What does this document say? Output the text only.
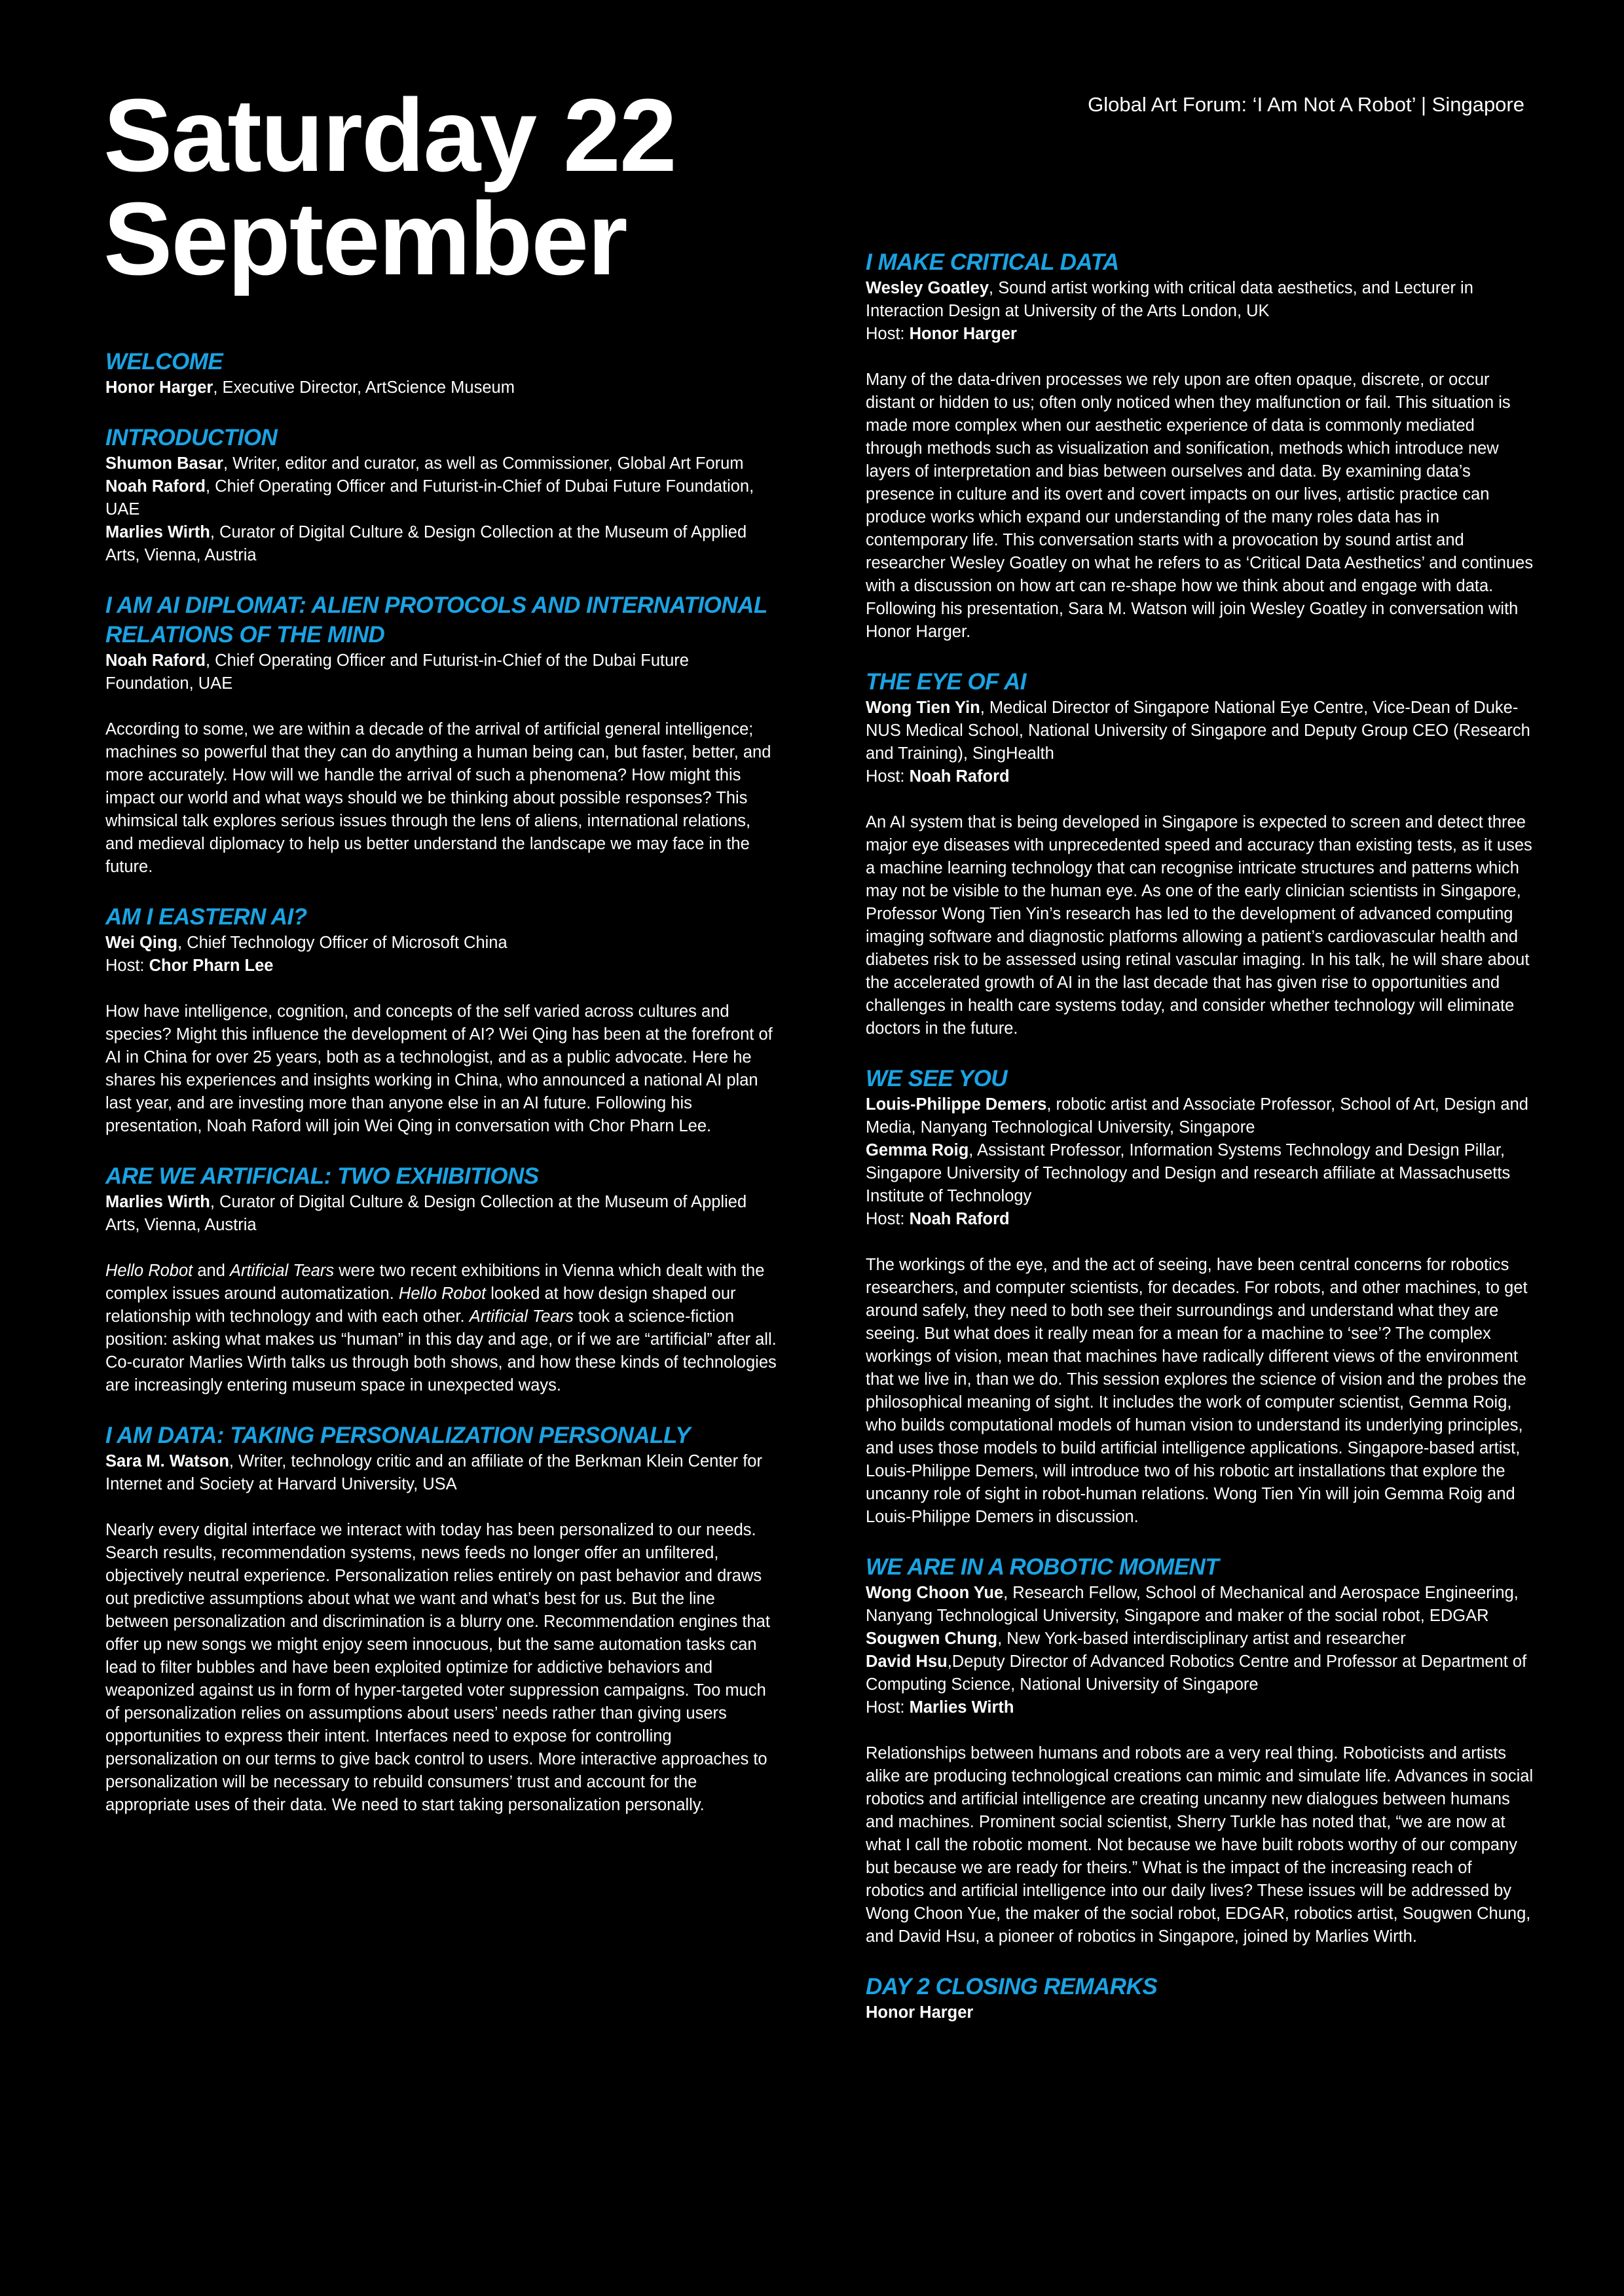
Saturday 22
September
Global Art Forum: ‘I Am Not A Robot’ | Singapore
WELCOME
Honor Harger, Executive Director, ArtScience Museum
INTRODUCTION
Shumon Basar, Writer, editor and curator, as well as Commissioner, Global Art Forum
Noah Raford, Chief Operating Officer and Futurist-in-Chief of Dubai Future Foundation, UAE
Marlies Wirth, Curator of Digital Culture & Design Collection at the Museum of Applied Arts, Vienna, Austria
I AM AI DIPLOMAT: ALIEN PROTOCOLS AND INTERNATIONAL RELATIONS OF THE MIND
Noah Raford, Chief Operating Officer and Futurist-in-Chief of the Dubai Future Foundation, UAE
According to some, we are within a decade of the arrival of artificial general intelligence; machines so powerful that they can do anything a human being can, but faster, better, and more accurately. How will we handle the arrival of such a phenomena? How might this impact our world and what ways should we be thinking about possible responses? This whimsical talk explores serious issues through the lens of aliens, international relations, and medieval diplomacy to help us better understand the landscape we may face in the future.
AM I EASTERN AI?
Wei Qing, Chief Technology Officer of Microsoft China
Host: Chor Pharn Lee
How have intelligence, cognition, and concepts of the self varied across cultures and species? Might this influence the development of AI? Wei Qing has been at the forefront of AI in China for over 25 years, both as a technologist, and as a public advocate. Here he shares his experiences and insights working in China, who announced a national AI plan last year, and are investing more than anyone else in an AI future. Following his presentation, Noah Raford will join Wei Qing in conversation with Chor Pharn Lee.
ARE WE ARTIFICIAL: TWO EXHIBITIONS
Marlies Wirth, Curator of Digital Culture & Design Collection at the Museum of Applied Arts, Vienna, Austria
Hello Robot and Artificial Tears were two recent exhibitions in Vienna which dealt with the complex issues around automatization. Hello Robot looked at how design shaped our relationship with technology and with each other. Artificial Tears took a science-fiction position: asking what makes us “human” in this day and age, or if we are “artificial” after all. Co-curator Marlies Wirth talks us through both shows, and how these kinds of technologies are increasingly entering museum space in unexpected ways.
I AM DATA: TAKING PERSONALIZATION PERSONALLY
Sara M. Watson, Writer, technology critic and an affiliate of the Berkman Klein Center for Internet and Society at Harvard University, USA
Nearly every digital interface we interact with today has been personalized to our needs. Search results, recommendation systems, news feeds no longer offer an unfiltered, objectively neutral experience. Personalization relies entirely on past behavior and draws out predictive assumptions about what we want and what’s best for us. But the line between personalization and discrimination is a blurry one. Recommendation engines that offer up new songs we might enjoy seem innocuous, but the same automation tasks can lead to filter bubbles and have been exploited optimize for addictive behaviors and weaponized against us in form of hyper-targeted voter suppression campaigns. Too much of personalization relies on assumptions about users’ needs rather than giving users opportunities to express their intent. Interfaces need to expose for controlling personalization on our terms to give back control to users. More interactive approaches to personalization will be necessary to rebuild consumers’ trust and account for the appropriate uses of their data. We need to start taking personalization personally.
I MAKE CRITICAL DATA
Wesley Goatley, Sound artist working with critical data aesthetics, and Lecturer in Interaction Design at University of the Arts London, UK
Host: Honor Harger
Many of the data-driven processes we rely upon are often opaque, discrete, or occur distant or hidden to us; often only noticed when they malfunction or fail. This situation is made more complex when our aesthetic experience of data is commonly mediated through methods such as visualization and sonification, methods which introduce new layers of interpretation and bias between ourselves and data. By examining data’s presence in culture and its overt and covert impacts on our lives, artistic practice can produce works which expand our understanding of the many roles data has in contemporary life. This conversation starts with a provocation by sound artist and researcher Wesley Goatley on what he refers to as ‘Critical Data Aesthetics’ and continues with a discussion on how art can re-shape how we think about and engage with data. Following his presentation, Sara M. Watson will join Wesley Goatley in conversation with Honor Harger.
THE EYE OF AI
Wong Tien Yin, Medical Director of Singapore National Eye Centre, Vice-Dean of Duke-NUS Medical School, National University of Singapore and Deputy Group CEO (Research and Training), SingHealth
Host: Noah Raford
An AI system that is being developed in Singapore is expected to screen and detect three major eye diseases with unprecedented speed and accuracy than existing tests, as it uses a machine learning technology that can recognise intricate structures and patterns which may not be visible to the human eye. As one of the early clinician scientists in Singapore, Professor Wong Tien Yin’s research has led to the development of advanced computing imaging software and diagnostic platforms allowing a patient’s cardiovascular health and diabetes risk to be assessed using retinal vascular imaging. In his talk, he will share about the accelerated growth of AI in the last decade that has given rise to opportunities and challenges in health care systems today, and consider whether technology will eliminate doctors in the future.
WE SEE YOU
Louis-Philippe Demers, robotic artist and Associate Professor, School of Art, Design and Media, Nanyang Technological University, Singapore
Gemma Roig, Assistant Professor, Information Systems Technology and Design Pillar, Singapore University of Technology and Design and research affiliate at Massachusetts Institute of Technology
Host: Noah Raford
The workings of the eye, and the act of seeing, have been central concerns for robotics researchers, and computer scientists, for decades. For robots, and other machines, to get around safely, they need to both see their surroundings and understand what they are seeing. But what does it really mean for a mean for a machine to ‘see’? The complex workings of vision, mean that machines have radically different views of the environment that we live in, than we do. This session explores the science of vision and the probes the philosophical meaning of sight. It includes the work of computer scientist, Gemma Roig, who builds computational models of human vision to understand its underlying principles, and uses those models to build artificial intelligence applications. Singapore-based artist, Louis-Philippe Demers, will introduce two of his robotic art installations that explore the uncanny role of sight in robot-human relations. Wong Tien Yin will join Gemma Roig and Louis-Philippe Demers in discussion.
WE ARE IN A ROBOTIC MOMENT
Wong Choon Yue, Research Fellow, School of Mechanical and Aerospace Engineering, Nanyang Technological University, Singapore and maker of the social robot, EDGAR
Sougwen Chung, New York-based interdisciplinary artist and researcher
David Hsu,Deputy Director of Advanced Robotics Centre and Professor at Department of Computing Science, National University of Singapore
Host: Marlies Wirth
Relationships between humans and robots are a very real thing. Roboticists and artists alike are producing technological creations can mimic and simulate life. Advances in social robotics and artificial intelligence are creating uncanny new dialogues between humans and machines. Prominent social scientist, Sherry Turkle has noted that, “we are now at what I call the robotic moment. Not because we have built robots worthy of our company but because we are ready for theirs.” What is the impact of the increasing reach of robotics and artificial intelligence into our daily lives? These issues will be addressed by Wong Choon Yue, the maker of the social robot, EDGAR, robotics artist, Sougwen Chung, and David Hsu, a pioneer of robotics in Singapore, joined by Marlies Wirth.
DAY 2 CLOSING REMARKS
Honor Harger
